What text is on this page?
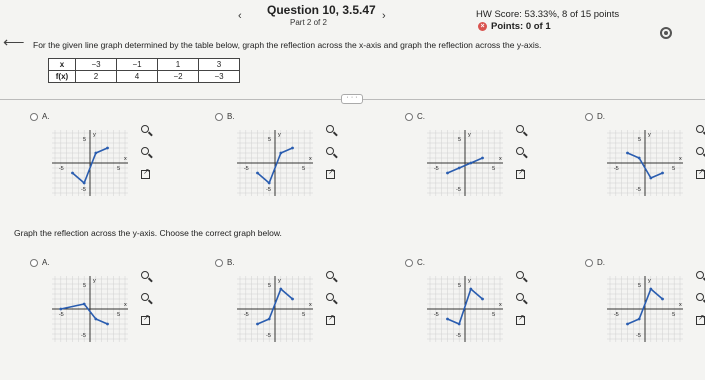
‹ Question 10, 3.5.47
Part 2 of 2
›	HW Score: 53.33%, 8 of 15 points
× Points: 0 of 1
⟵ For the given line graph determined by the table below, graph the reflection across the x-axis and graph the reflection across the y-axis.
x	−3	−1	1	3
f(x)	2	4	−2	−3
· · ·
A.
y
x
5
-5	5
-5
↗
B.
y
x
5
-5	5
-5
↗
C.
y
x
5
-5	5
-5
↗
D.
y
x
5
-5	5
-5
↗
Graph the reflection across the y-axis. Choose the correct graph below.
A.
y
x
5
-5	5
-5
↗
B.
y
x
5
-5	5
-5
↗
C.
y
x
5
-5	5
-5
↗
D.
y
x
5
-5	5
-5
↗
